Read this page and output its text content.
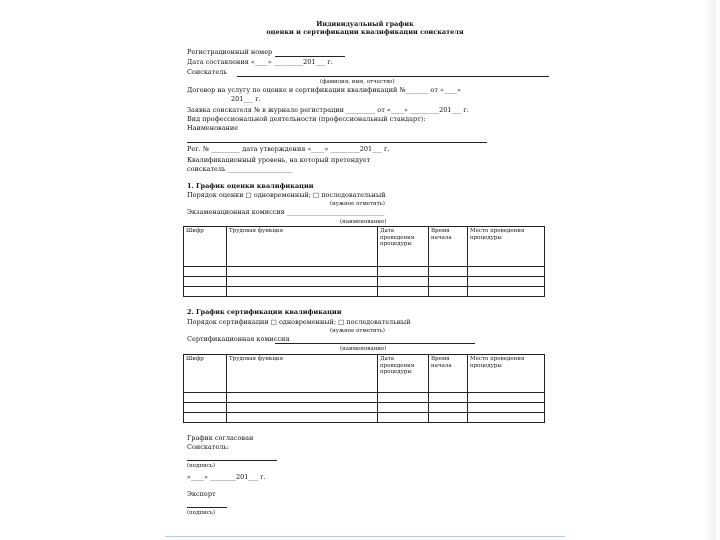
Индивидуальный график
оценки и сертификации квалификации соискателя
Регистрационный номер
Дата составления «____» _________201___ г.
Соискатель
(фамилия, имя, отчество)
Договор на услугу по оценке и сертификации квалификаций №_______ от «____»
201___ г.
Заявка соискателя № в журнале регистрации _________ от «____» _________201___ г.
Вид профессиональной деятельности (профессиональный стандарт):
Наименование
Рег. № _________ дата утверждения «____» _________201___ г.
Квалификационный уровень, на который претендует
соискатель ____________________
1. График оценки квалификации
Порядок оценки □ одновременный; □ последовательный
(нужное отметить)
Экзаменационная комиссия ______________________________
(наименование)
Шифр	Трудовая функция	Дата проведения процедуры	Время начала	Место проведения процедуры

2. График сертификации квалификации
Порядок сертификации □ одновременный; □ последовательный
(нужное отметить)
Сертификационная комиссия
(наименование)
Шифр	Трудовая функция	Дата проведения процедуры	Время начала	Место проведения процедуры

График согласован
Соискатель:
(подпись)
«____» ________201___ г.
Эксперт
(подпись)
